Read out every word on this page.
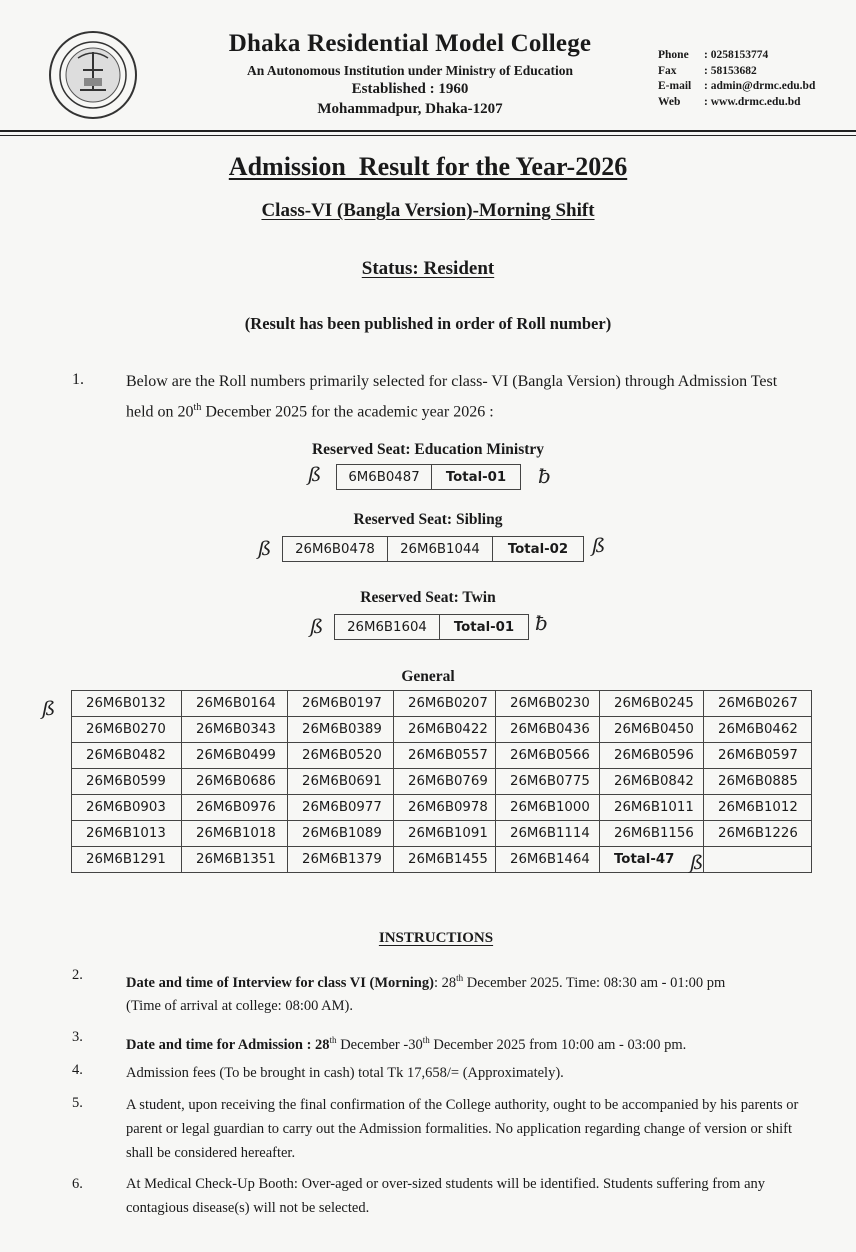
Dhaka Residential Model College
An Autonomous Institution under Ministry of Education
Established : 1960
Mohammadpur, Dhaka-1207
Phone	: 0258153774
Fax	: 58153682
E-mail	: admin@drmc.edu.bd
Web	: www.drmc.edu.bd
Admission  Result for the Year-2026
Class-VI (Bangla Version)-Morning Shift
Status: Resident
(Result has been published in order of Roll number)
1.	Below are the Roll numbers primarily selected for class- VI (Bangla Version) through Admission Test held on 20th December 2025 for the academic year 2026 :
Reserved Seat: Education Ministry
ß 6M6B0487	Total-01 ƀ
Reserved Seat: Sibling
ß 26M6B0478	26M6B1044	Total-02 ß
Reserved Seat: Twin
ß 26M6B1604	Total-01 ƀ
General
ß 26M6B0132	26M6B0164	26M6B0197	26M6B0207	26M6B0230	26M6B0245	26M6B0267
26M6B0270	26M6B0343	26M6B0389	26M6B0422	26M6B0436	26M6B0450	26M6B0462
26M6B0482	26M6B0499	26M6B0520	26M6B0557	26M6B0566	26M6B0596	26M6B0597
26M6B0599	26M6B0686	26M6B0691	26M6B0769	26M6B0775	26M6B0842	26M6B0885
26M6B0903	26M6B0976	26M6B0977	26M6B0978	26M6B1000	26M6B1011	26M6B1012
26M6B1013	26M6B1018	26M6B1089	26M6B1091	26M6B1114	26M6B1156	26M6B1226
26M6B1291	26M6B1351	26M6B1379	26M6B1455	26M6B1464	Total-47	ß
INSTRUCTIONS
2.	Date and time of Interview for class VI (Morning): 28th December 2025. Time: 08:30 am - 01:00 pm
(Time of arrival at college: 08:00 AM).
3.	Date and time for Admission : 28th December -30th December 2025 from 10:00 am - 03:00 pm.
4.	Admission fees (To be brought in cash) total Tk 17,658/= (Approximately).
5.	A student, upon receiving the final confirmation of the College authority, ought to be accompanied by his parents or parent or legal guardian to carry out the Admission formalities. No application regarding change of version or shift shall be considered hereafter.
6.	At Medical Check-Up Booth: Over-aged or over-sized students will be identified. Students suffering from any contagious disease(s) will not be selected.
